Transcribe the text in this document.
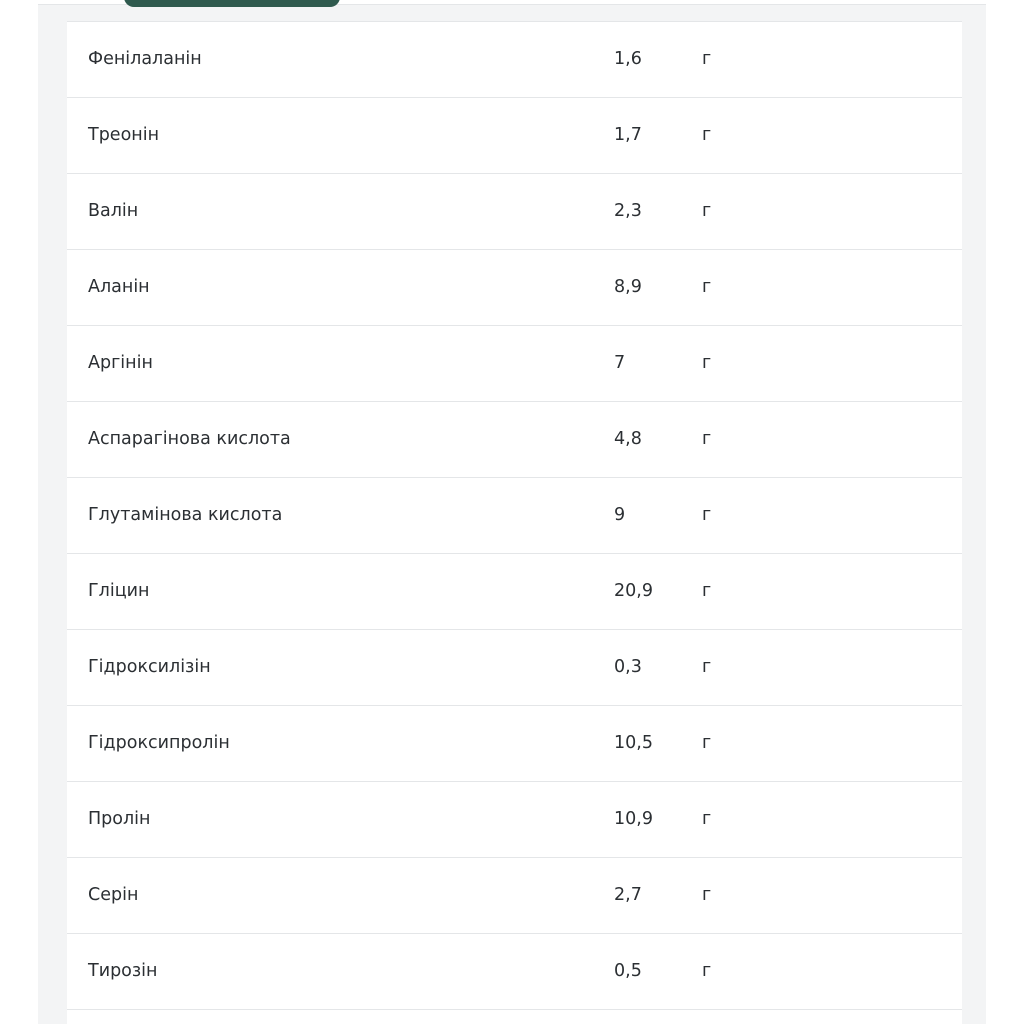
Фенілаланін	1,6	г
Треонін	1,7	г
Валін	2,3	г
Аланін	8,9	г
Аргінін	7	г
Аспарагінова кислота	4,8	г
Глутамінова кислота	9	г
Гліцин	20,9	г
Гідроксилізін	0,3	г
Гідроксипролін	10,5	г
Пролін	10,9	г
Серін	2,7	г
Тирозін	0,5	г
